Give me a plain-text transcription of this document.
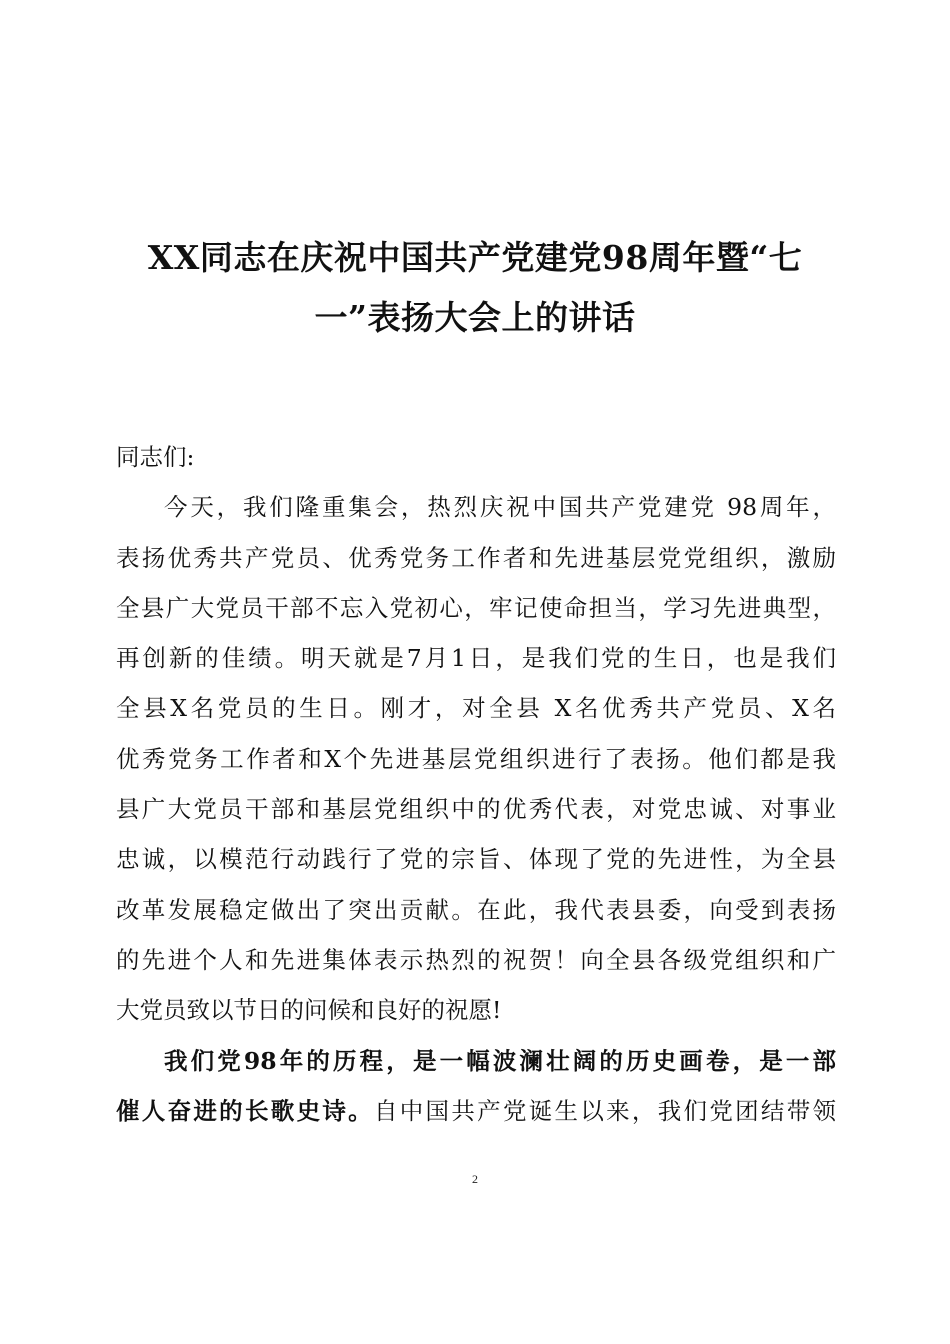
XX同志在庆祝中国共产党建党98周年暨“七
一”表扬大会上的讲话
同志们:
今天，我们隆重集会，热烈庆祝中国共产党建党 98周年，
表扬优秀共产党员、优秀党务工作者和先进基层党党组织，激励
全县广大党员干部不忘入党初心，牢记使命担当，学习先进典型，
再创新的佳绩。明天就是7月1日，是我们党的生日，也是我们
全县X名党员的生日。刚才，对全县 X名优秀共产党员、X名
优秀党务工作者和X个先进基层党组织进行了表扬。他们都是我
县广大党员干部和基层党组织中的优秀代表，对党忠诚、对事业
忠诚，以模范行动践行了党的宗旨、体现了党的先进性，为全县
改革发展稳定做出了突出贡献。在此，我代表县委，向受到表扬
的先进个人和先进集体表示热烈的祝贺！向全县各级党组织和广
大党员致以节日的问候和良好的祝愿!
我们党98年的历程，是一幅波澜壮阔的历史画卷，是一部
催人奋进的长歌史诗。自中国共产党诞生以来，我们党团结带领
2
